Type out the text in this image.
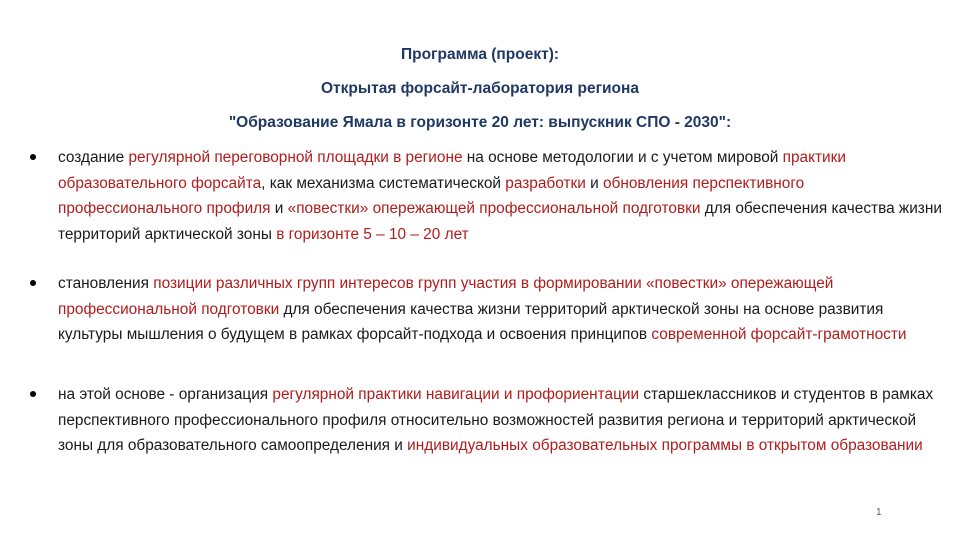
Программа (проект):
Открытая форсайт-лаборатория региона
"Образование Ямала в горизонте 20 лет: выпускник СПО - 2030":
создание регулярной переговорной площадки в регионе на основе методологии и с учетом мировой практики образовательного форсайта, как механизма систематической разработки и обновления перспективного профессионального профиля и «повестки» опережающей профессиональной подготовки для обеспечения качества жизни территорий арктической зоны в горизонте 5 – 10 – 20 лет
становления позиции различных групп интересов групп участия в формировании «повестки» опережающей профессиональной подготовки для обеспечения качества жизни территорий арктической зоны на основе развития культуры мышления о будущем в рамках форсайт-подхода и освоения принципов современной форсайт-грамотности
на этой основе - организация регулярной практики навигации и профориентации старшеклассников и студентов в рамках перспективного профессионального профиля относительно возможностей развития региона и территорий арктической зоны для образовательного самоопределения и индивидуальных образовательных программы в открытом образовании
1
